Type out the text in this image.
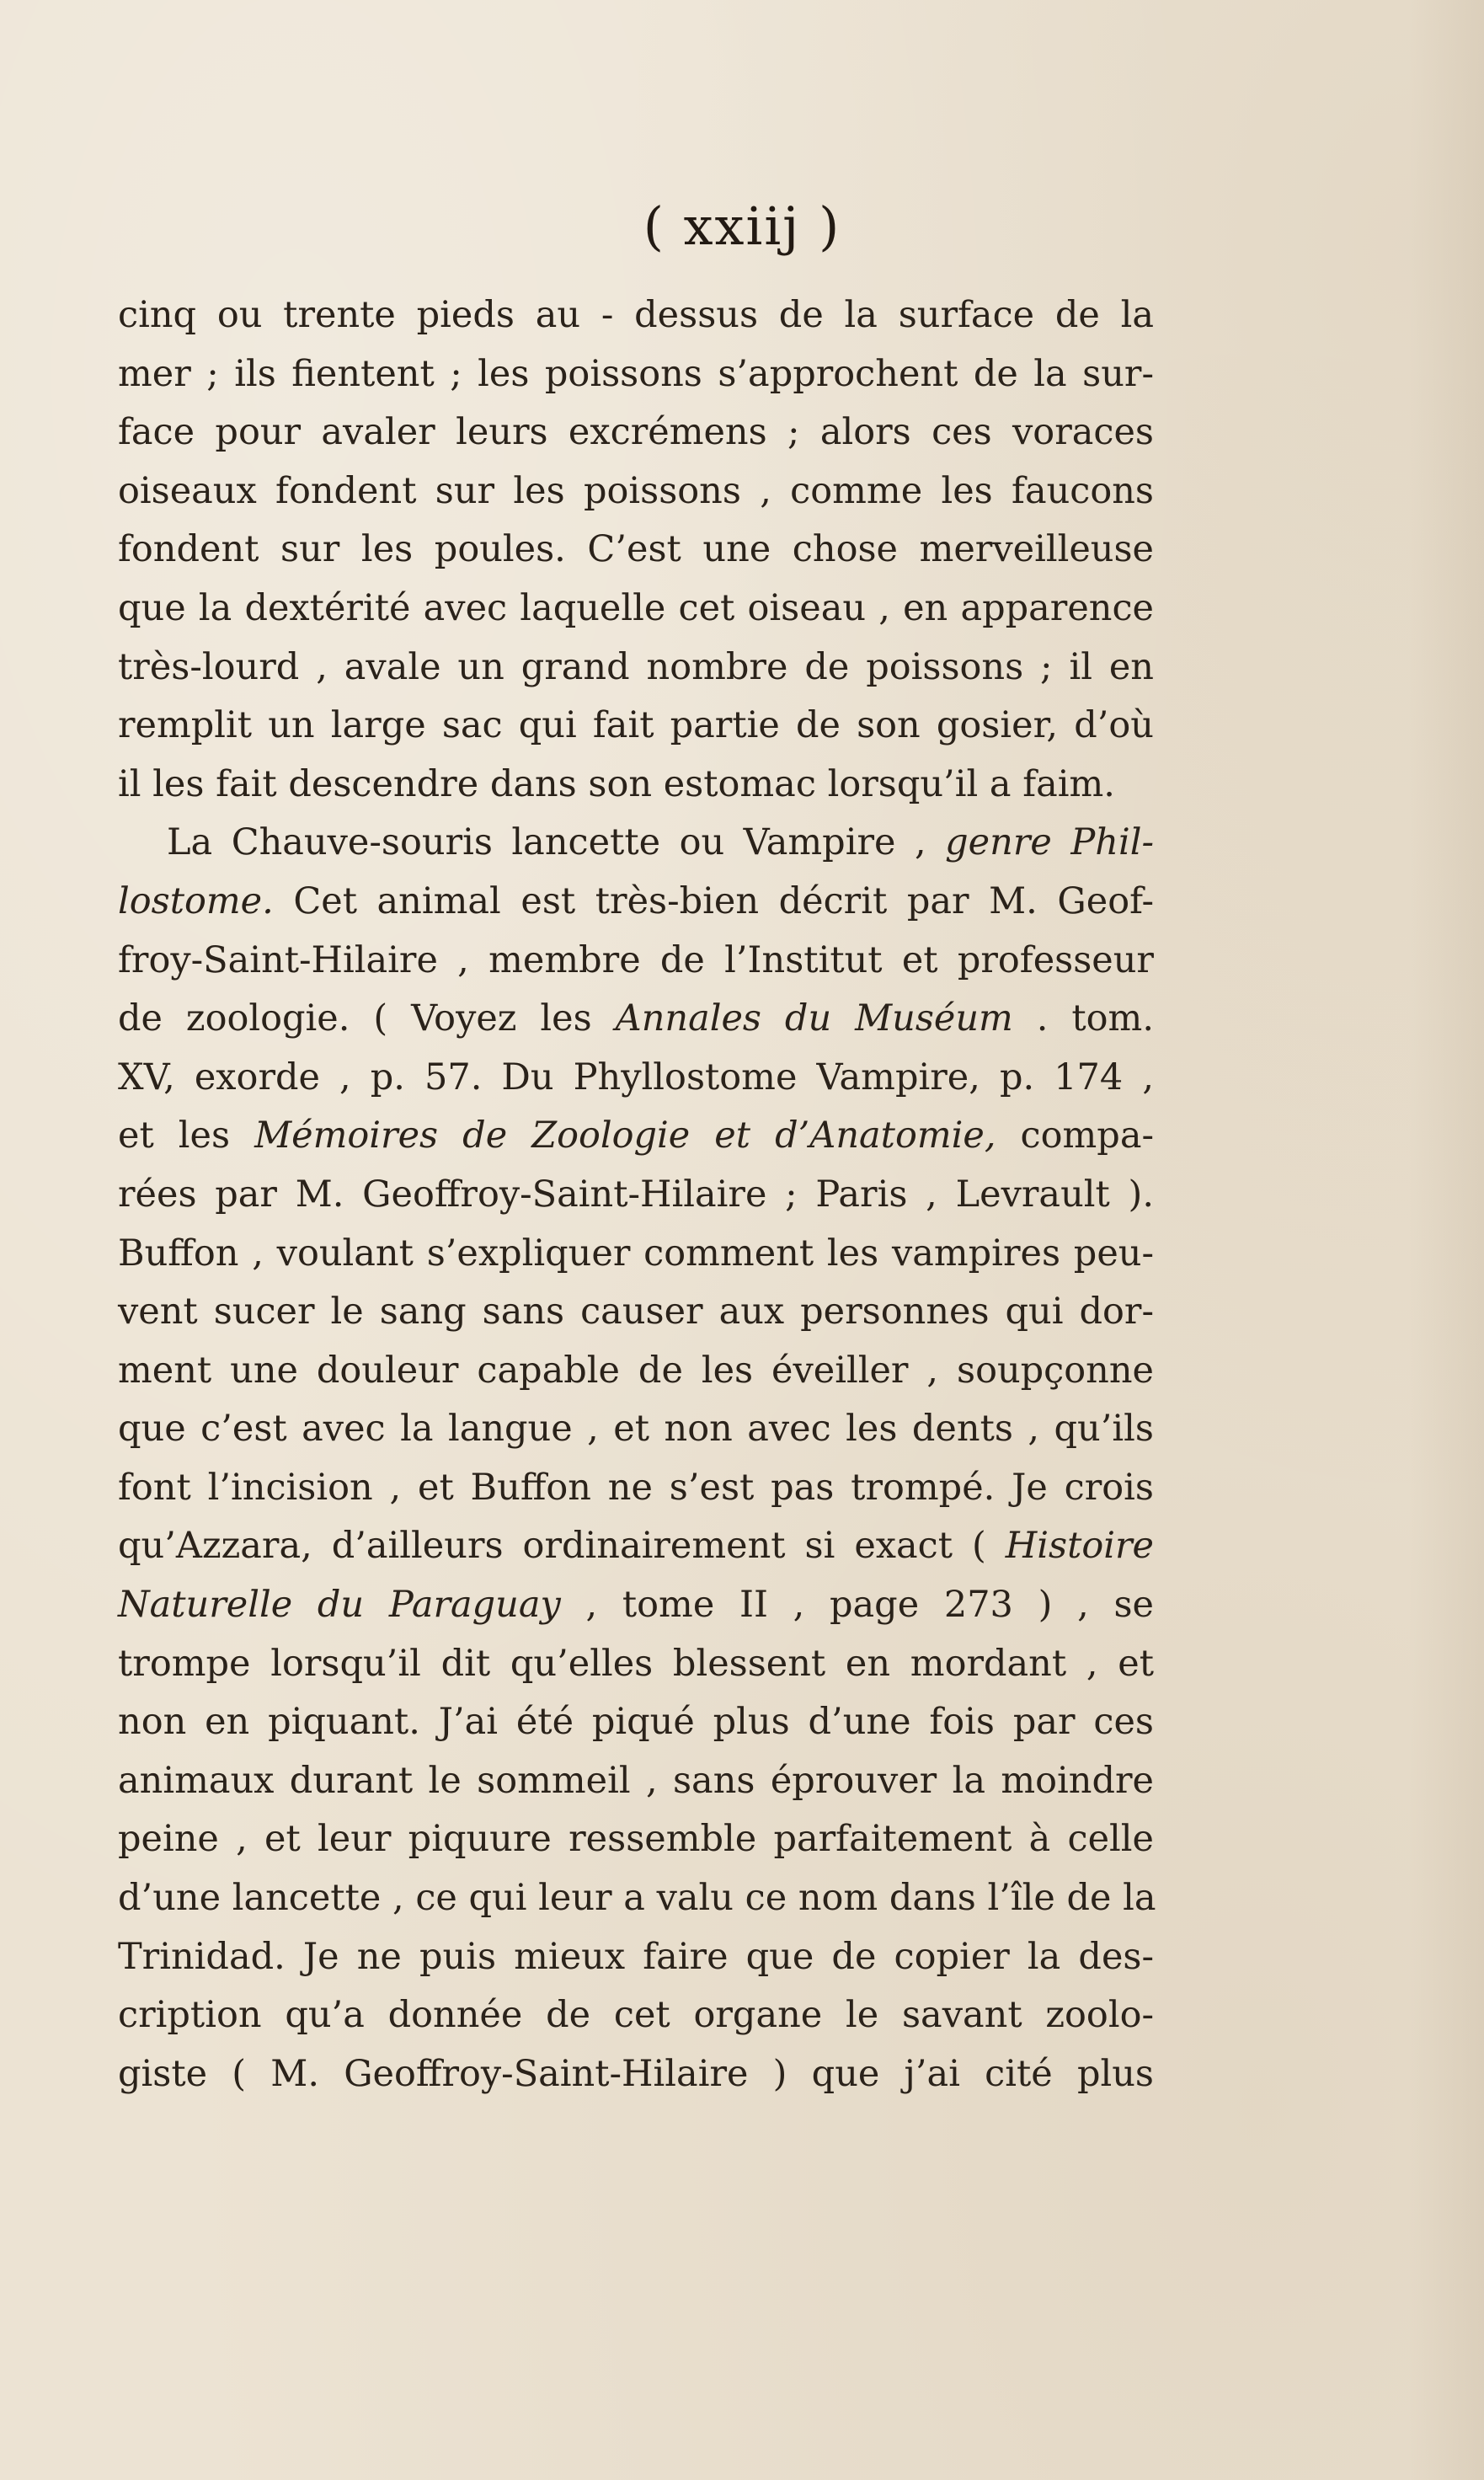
( xxiij )
cinq ou trente pieds au - dessus de la surface de la
mer ; ils fientent ; les poissons s’approchent de la sur-
face pour avaler leurs excrémens ; alors ces voraces
oiseaux fondent sur les poissons , comme les faucons
fondent sur les poules. C’est une chose merveilleuse
que la dextérité avec laquelle cet oiseau , en apparence
très-lourd , avale un grand nombre de poissons ; il en
remplit un large sac qui fait partie de son gosier, d’où
il les fait descendre dans son estomac lorsqu’il a faim.
La Chauve-souris lancette ou Vampire , genre Phil-
lostome. Cet animal est très-bien décrit par M. Geof-
froy-Saint-Hilaire , membre de l’Institut et professeur
de zoologie. ( Voyez les Annales du Muséum . tom.
XV, exorde , p. 57. Du Phyllostome Vampire, p. 174 ,
et les Mémoires de Zoologie et d’Anatomie, compa-
rées par M. Geoffroy-Saint-Hilaire ; Paris , Levrault ).
Buffon , voulant s’expliquer comment les vampires peu-
vent sucer le sang sans causer aux personnes qui dor-
ment une douleur capable de les éveiller , soupçonne
que c’est avec la langue , et non avec les dents , qu’ils
font l’incision , et Buffon ne s’est pas trompé. Je crois
qu’Azzara, d’ailleurs ordinairement si exact ( Histoire
Naturelle du Paraguay , tome II , page 273 ) , se
trompe lorsqu’il dit qu’elles blessent en mordant , et
non en piquant. J’ai été piqué plus d’une fois par ces
animaux durant le sommeil , sans éprouver la moindre
peine , et leur piquure ressemble parfaitement à celle
d’une lancette , ce qui leur a valu ce nom dans l’île de la
Trinidad. Je ne puis mieux faire que de copier la des-
cription qu’a donnée de cet organe le savant zoolo-
giste ( M. Geoffroy-Saint-Hilaire ) que j’ai cité plus
